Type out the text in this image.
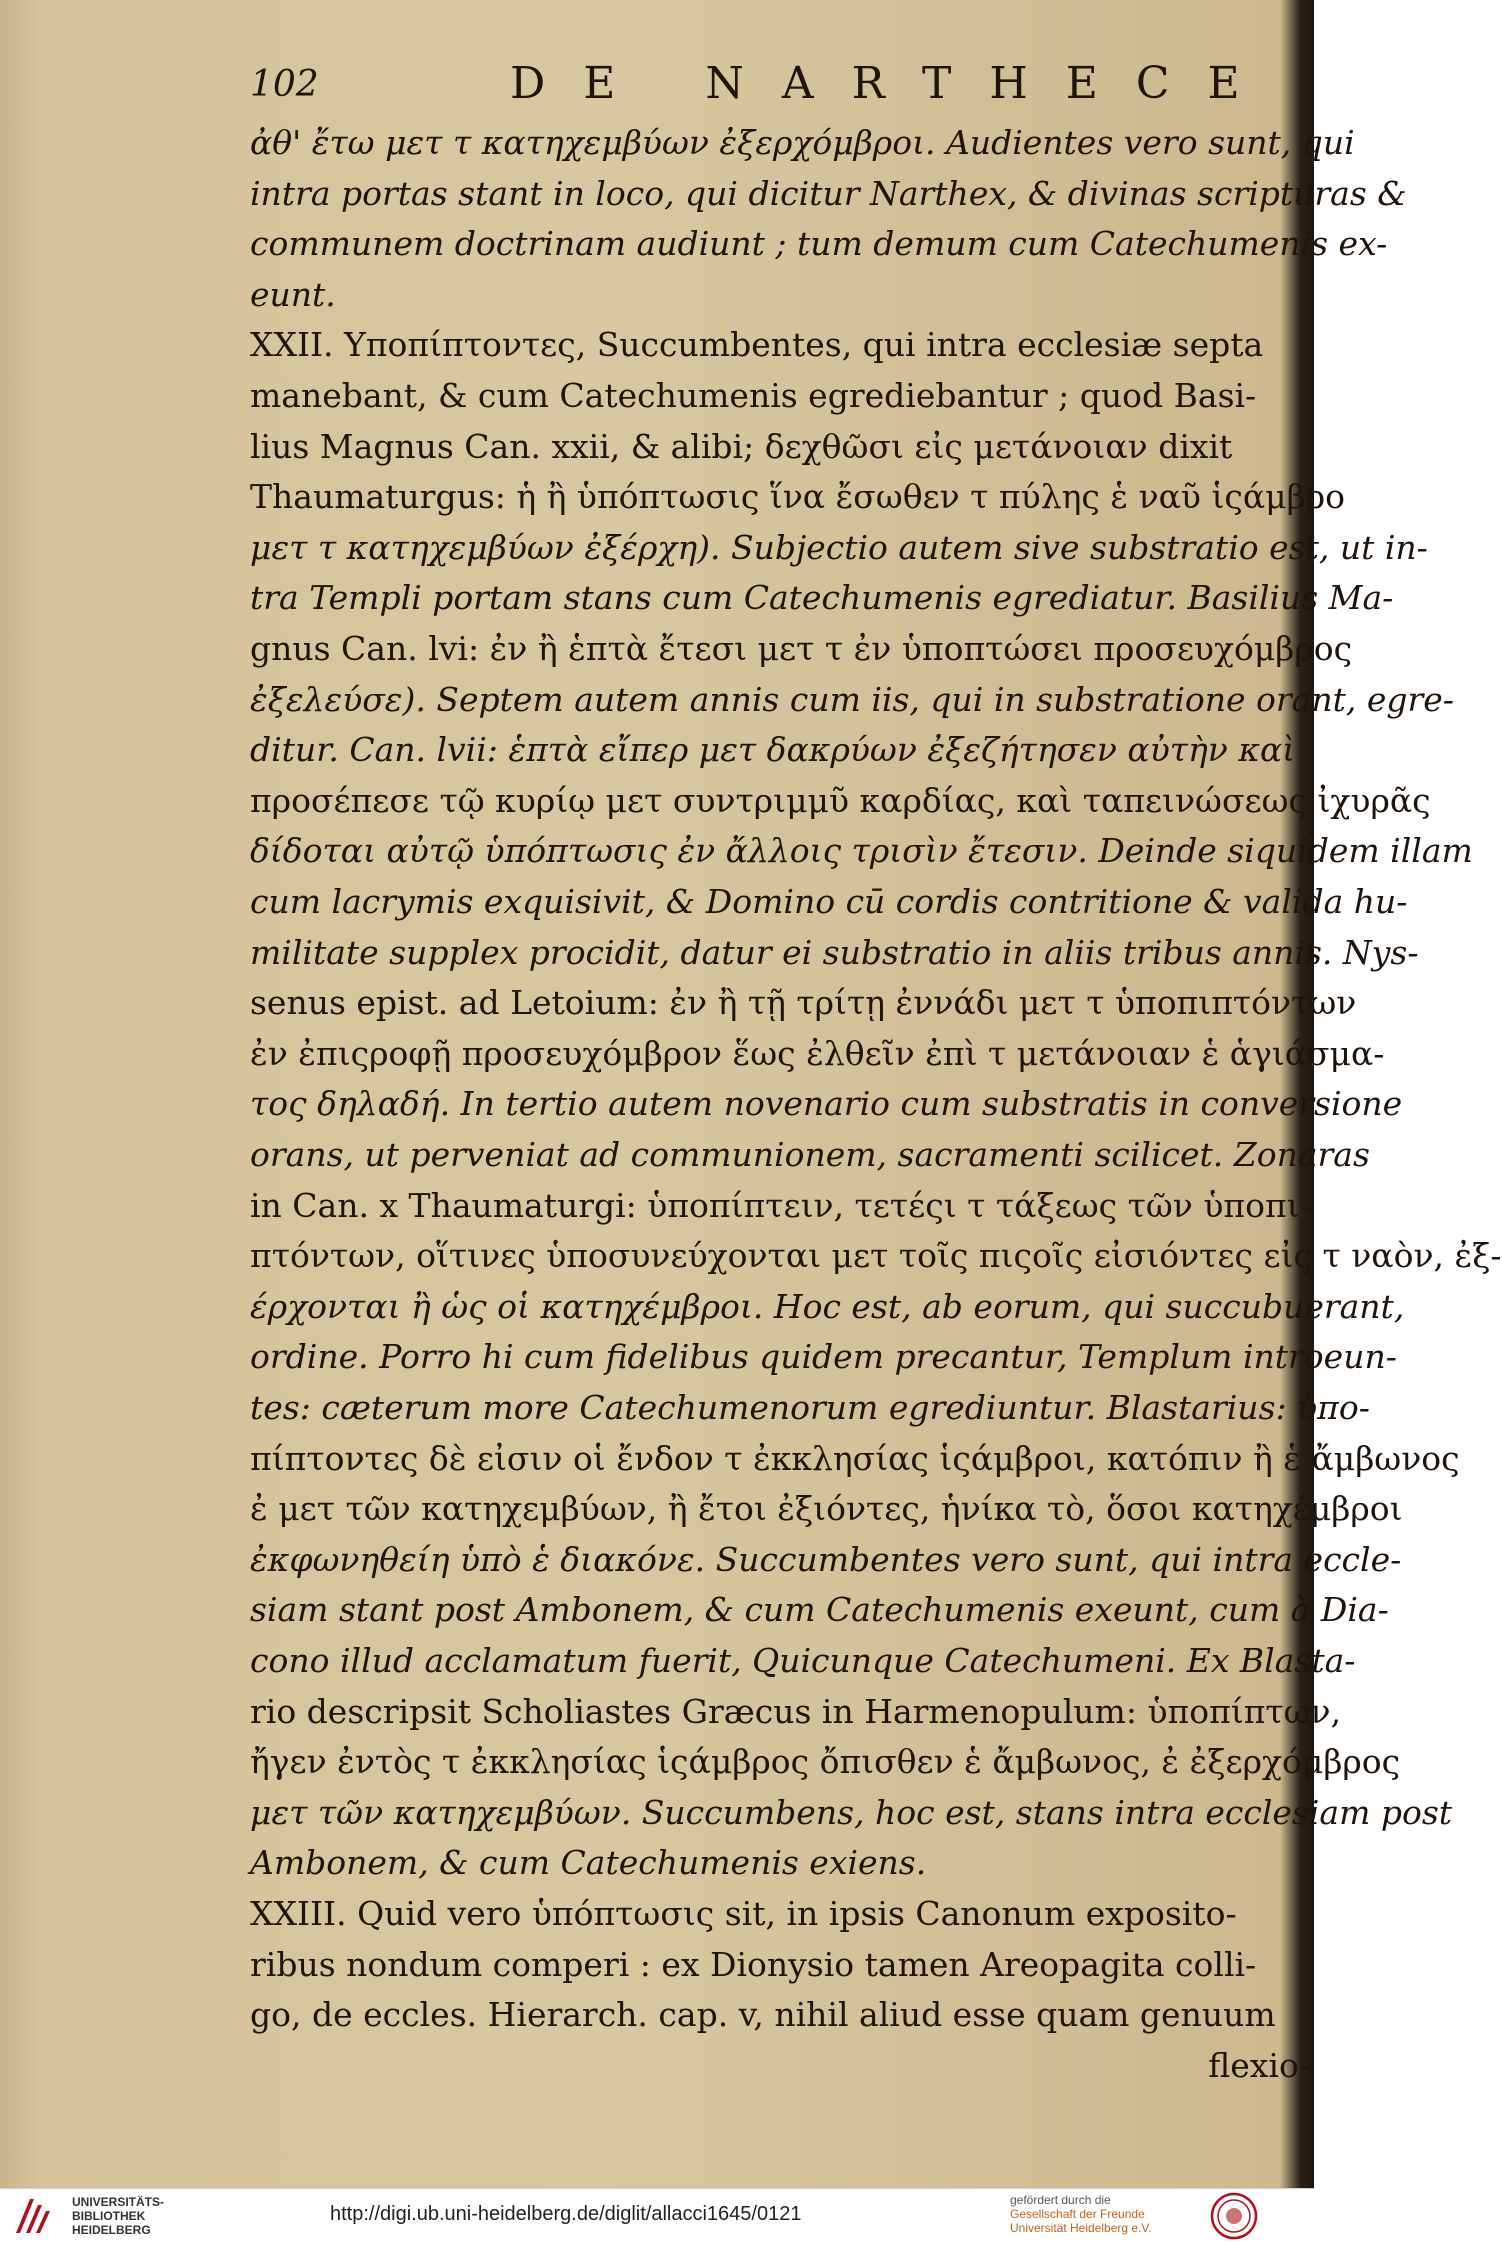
102	DE NARTHECE
ἀθ' ἔτω μετ τ κατηχεμβύων ἐξερχόμβροι. Audientes vero sunt, qui
intra portas stant in loco, qui dicitur Narthex, & divinas scripturas &
communem doctrinam audiunt ; tum demum cum Catechumenis ex-
eunt.
XXII. Υποπίπτοντες, Succumbentes, qui intra ecclesiæ septa
manebant, & cum Catechumenis egrediebantur ; quod Basi-
lius Magnus Can. xxii, & alibi; δεχθῶσι εἰς μετάνοιαν dixit
Thaumaturgus: ἡ ἢ ὑπόπτωσις ἵνα ἔσωθεν τ πύλης ἑ ναῦ ἱςάμβρο
μετ τ κατηχεμβύων ἐξέρχη). Subjectio autem sive substratio est, ut in-
tra Templi portam stans cum Catechumenis egrediatur. Basilius Ma-
gnus Can. lvi: ἐν ἢ ἑπτὰ ἔτεσι μετ τ ἐν ὑποπτώσει προσευχόμβρος
ἐξελεύσε). Septem autem annis cum iis, qui in substratione orant, egre-
ditur. Can. lvii: ἑπτὰ εἴπερ μετ δακρύων ἐξεζήτησεν αὐτὴν καὶ
προσέπεσε τῷ κυρίῳ μετ συντριμμῦ καρδίας, καὶ ταπεινώσεως ἰχυρᾶς
δίδοται αὐτῷ ὑπόπτωσις ἐν ἄλλοις τρισὶν ἔτεσιν. Deinde siquidem illam
cum lacrymis exquisivit, & Domino cū cordis contritione & valida hu-
militate supplex procidit, datur ei substratio in aliis tribus annis. Nys-
senus epist. ad Letoium: ἐν ἢ τῇ τρίτῃ ἐννάδι μετ τ ὑποπιπτόντων
ἐν ἐπιςροφῇ προσευχόμβρον ἕως ἐλθεῖν ἐπὶ τ μετάνοιαν ἑ ἁγιάσμα-
τος δηλαδή. In tertio autem novenario cum substratis in conversione
orans, ut perveniat ad communionem, sacramenti scilicet. Zonaras
in Can. x Thaumaturgi: ὑποπίπτειν, τετέςι τ τάξεως τῶν ὑποπι-
πτόντων, οἵτινες ὑποσυνεύχονται μετ τοῖς πιςοῖς εἰσιόντες εἰς τ ναὸν, ἐξ-
έρχονται ἢ ὡς οἱ κατηχέμβροι. Hoc est, ab eorum, qui succubuerant,
ordine. Porro hi cum fidelibus quidem precantur, Templum introeun-
tes: cæterum more Catechumenorum egrediuntur. Blastarius: ὑπο-
πίπτοντες δὲ εἰσιν οἱ ἔνδον τ ἐκκλησίας ἱςάμβροι, κατόπιν ἢ ἑ ἄμβωνος
ἐ μετ τῶν κατηχεμβύων, ἢ ἔτοι ἐξιόντες, ἡνίκα τὸ, ὅσοι κατηχέμβροι
ἐκφωνηθείη ὑπὸ ἑ διακόνε. Succumbentes vero sunt, qui intra eccle-
siam stant post Ambonem, & cum Catechumenis exeunt, cum à Dia-
cono illud acclamatum fuerit, Quicunque Catechumeni. Ex Blasta-
rio descripsit Scholiastes Græcus in Harmenopulum: ὑποπίπτων,
ἤγεν ἐντὸς τ ἐκκλησίας ἱςάμβρος ὄπισθεν ἑ ἄμβωνος, ἐ ἐξερχόμβρος
μετ τῶν κατηχεμβύων. Succumbens, hoc est, stans intra ecclesiam post
Ambonem, & cum Catechumenis exiens.
XXIII. Quid vero ὑπόπτωσις sit, in ipsis Canonum exposito-
ribus nondum comperi : ex Dionysio tamen Areopagita colli-
go, de eccles. Hierarch. cap. v, nihil aliud esse quam genuum
flexio-
UNIVERSITÄTS-
BIBLIOTHEK
HEIDELBERG
http://digi.ub.uni-heidelberg.de/diglit/allacci1645/0121
gefördert durch die
Gesellschaft der Freunde
Universität Heidelberg e.V.
